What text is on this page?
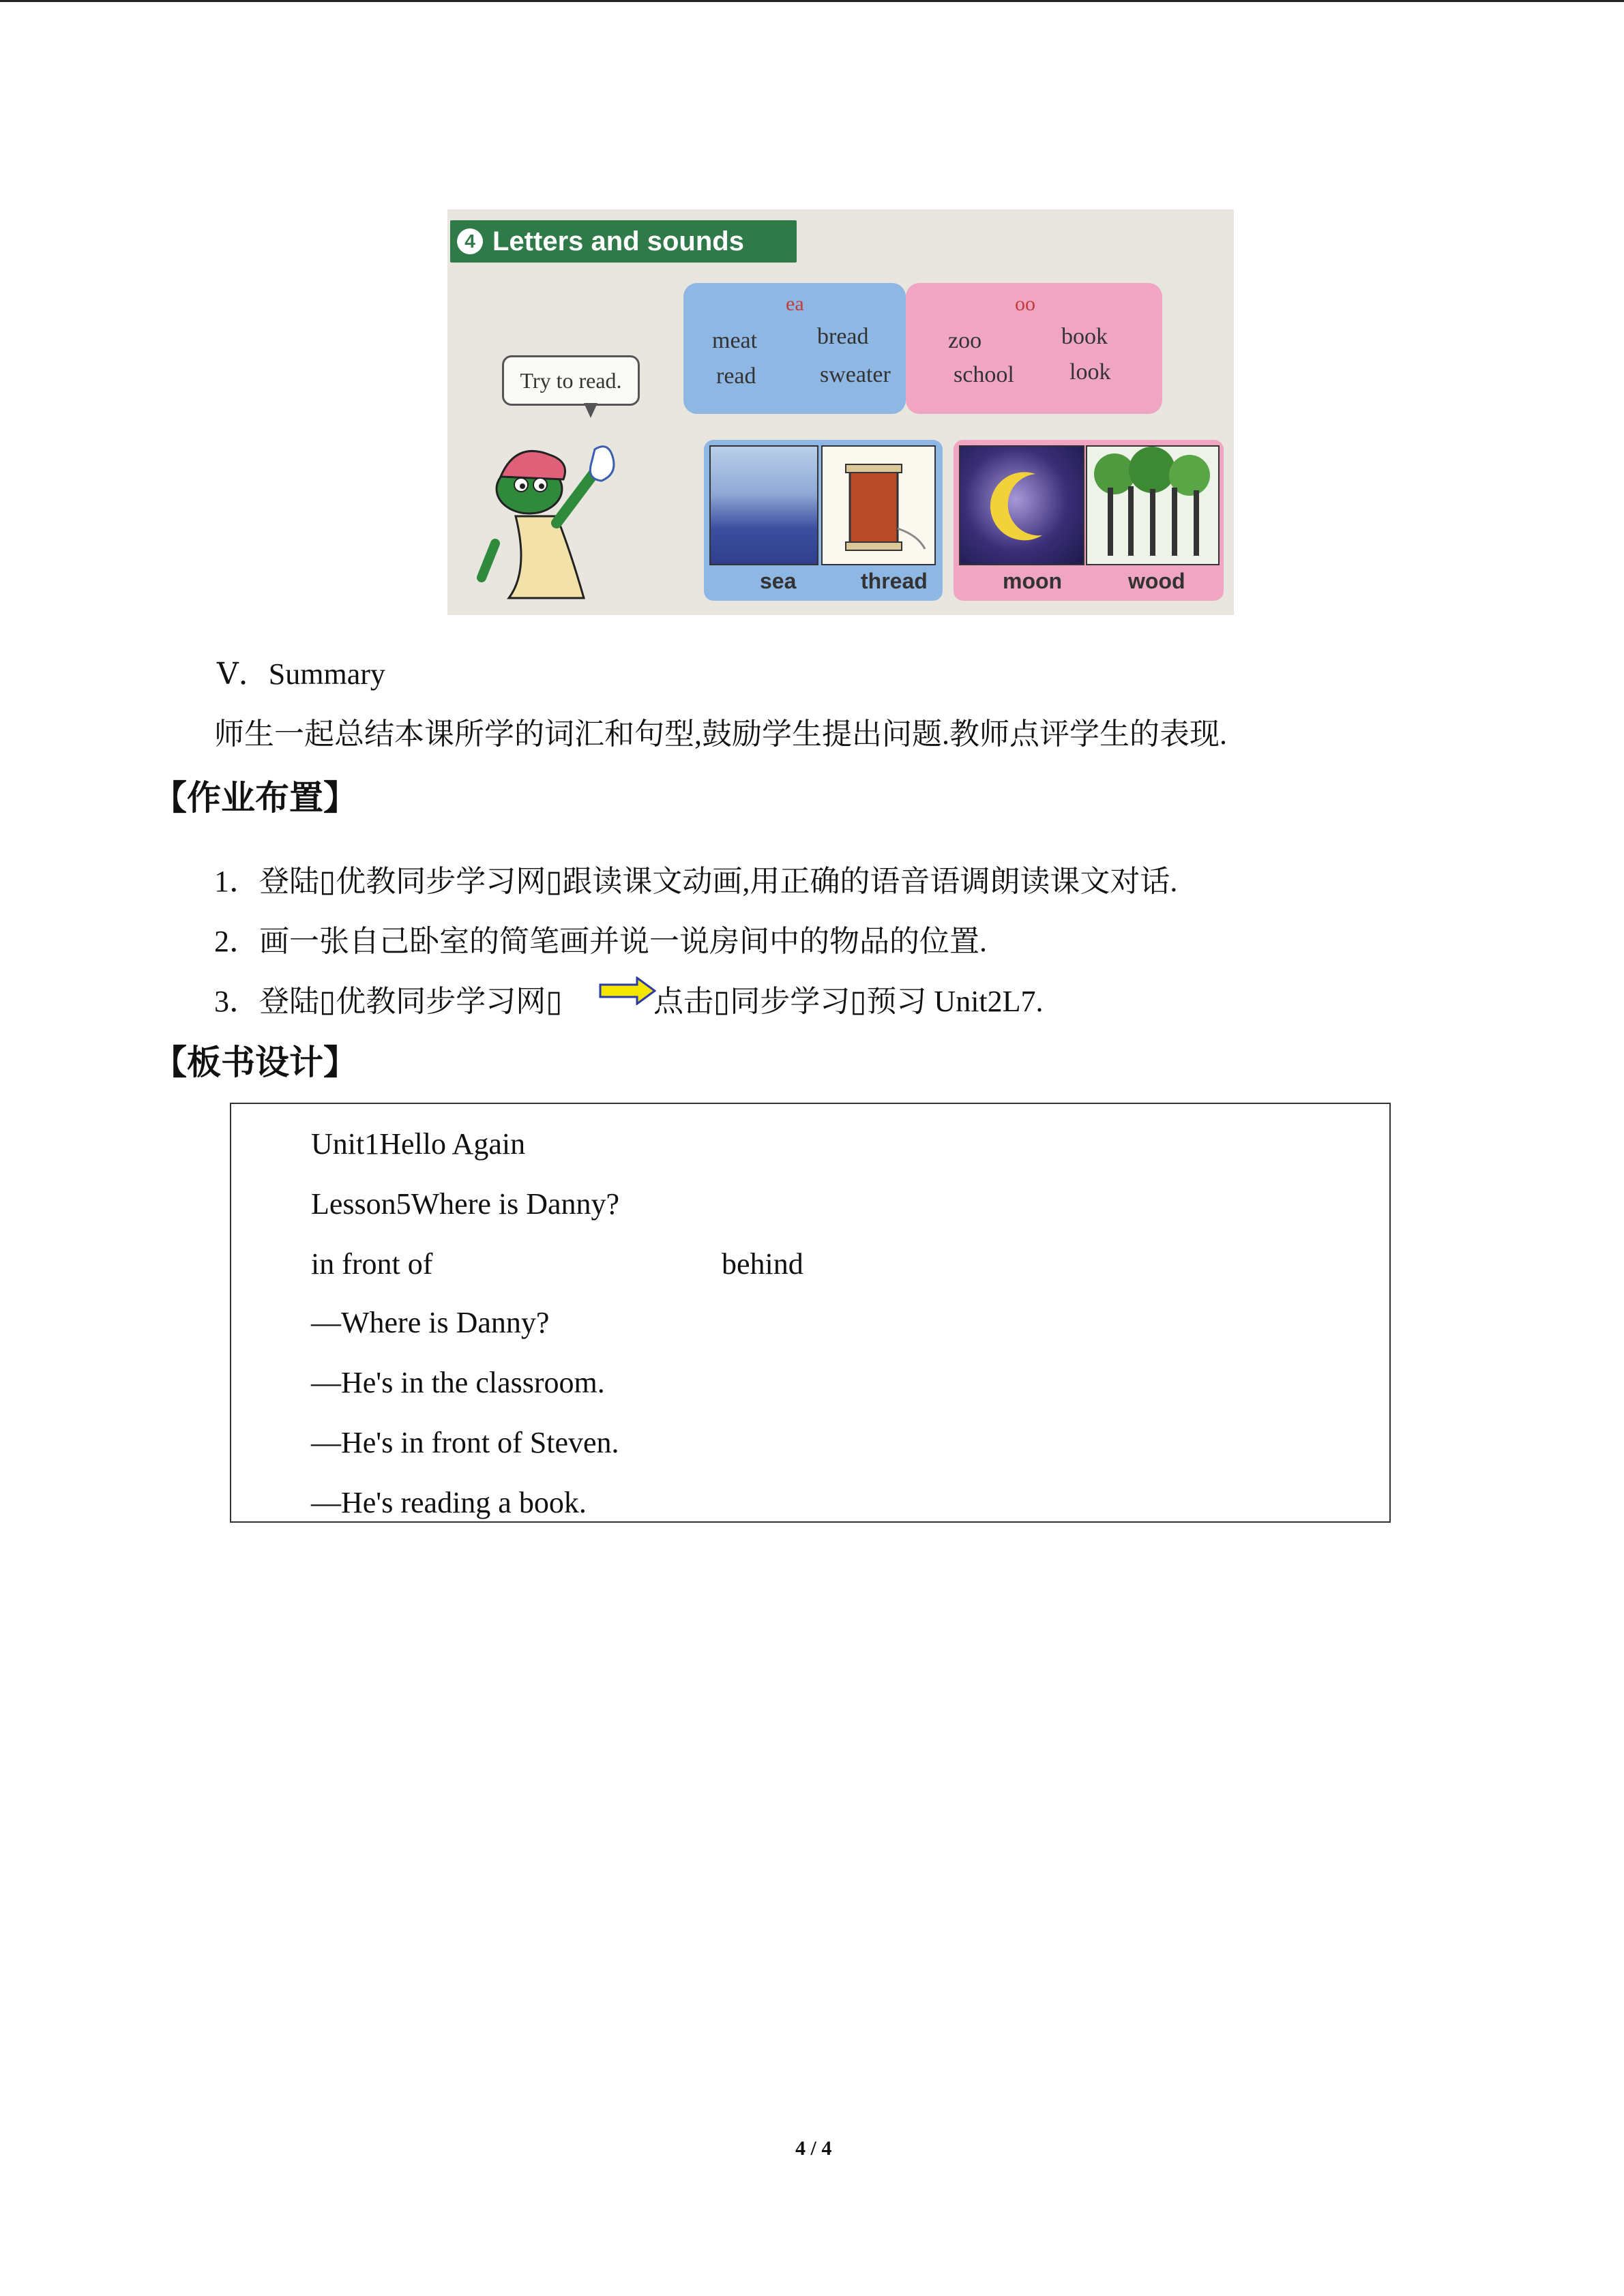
4 Letters and sounds
Try to read.
ea
meat	bread
read	sweater
oo
zoo	book
school look
sea	thread	moon	wood
Ⅴ．Summary
师生一起总结本课所学的词汇和句型,鼓励学生提出问题.教师点评学生的表现.
【作业布置】
1．登陆▯优教同步学习网▯跟读课文动画,用正确的语音语调朗读课文对话.
2．画一张自己卧室的简笔画并说一说房间中的物品的位置.
3．登陆▯优教同步学习网▯	点击▯同步学习▯预习 Unit2L7.
【板书设计】
Unit1Hello Again
Lesson5Where is Danny?
in front of	behind
—Where is Danny?
—He's in the classroom.
—He's in front of Steven.
—He's reading a book.
4 / 4
